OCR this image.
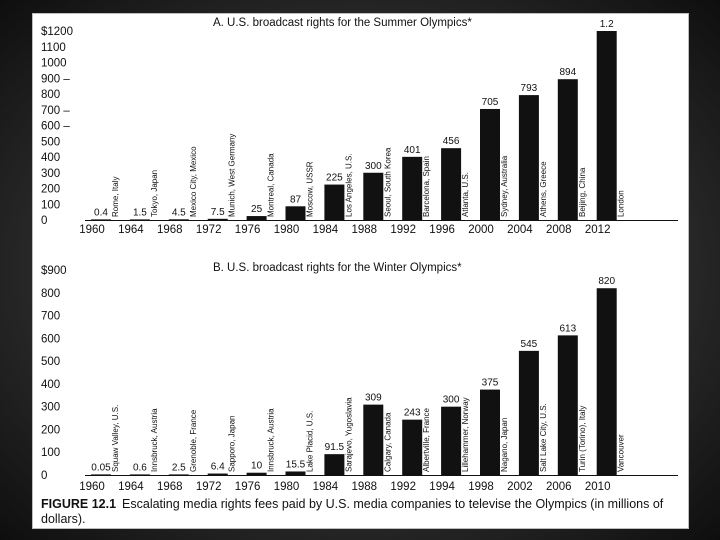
A. U.S. broadcast rights for the Summer Olympics*
$1200
1100
1000
900 –
800
700 –
600 –
500
400
300
200
100
0
0.4
1960
Rome, Italy 1.5
1964
Tokyo, Japan 4.5
1968
Mexico City, Mexico 7.5
1972
Munich, West Germany 25
1976
Montreal, Canada 87
1980
Moscow, USSR 225
1984
Los Angeles, U.S. 300
1988
Seoul, South Korea 401
1992
Barcelona, Spain
456
1996
Atlanta, U.S.
705
2000
Sydney, Australia
793
2004
Athens, Greece
894
2008
Beijing, China
1.2
2012
London
B. U.S. broadcast rights for the Winter Olympics*
$900
800
700
600
500
400
300
200
100
0
0.05
1960
Squaw Valley, U.S. 0.6
1964
Innsbruck, Austria 2.5
1968
Grenoble, France 6.4
1972
Sapporo, Japan 10
1976
Innsbruck, Austria 15.5
1980
Lake Placid, U.S. 91.5
1984
Sarajevo, Yugoslavia 309
1988
Calgary, Canada 243
1992
Albertville, France
300
1994
Lillehammer, Norway
375
1998
Nagano, Japan
545
2002
Salt Lake City, U.S.
613
2006
Turin (Torino), Italy
820
2010
Vancouver
FIGURE 12.1 Escalating media rights fees paid by U.S. media companies to televise the Olympics (in millions of dollars).
